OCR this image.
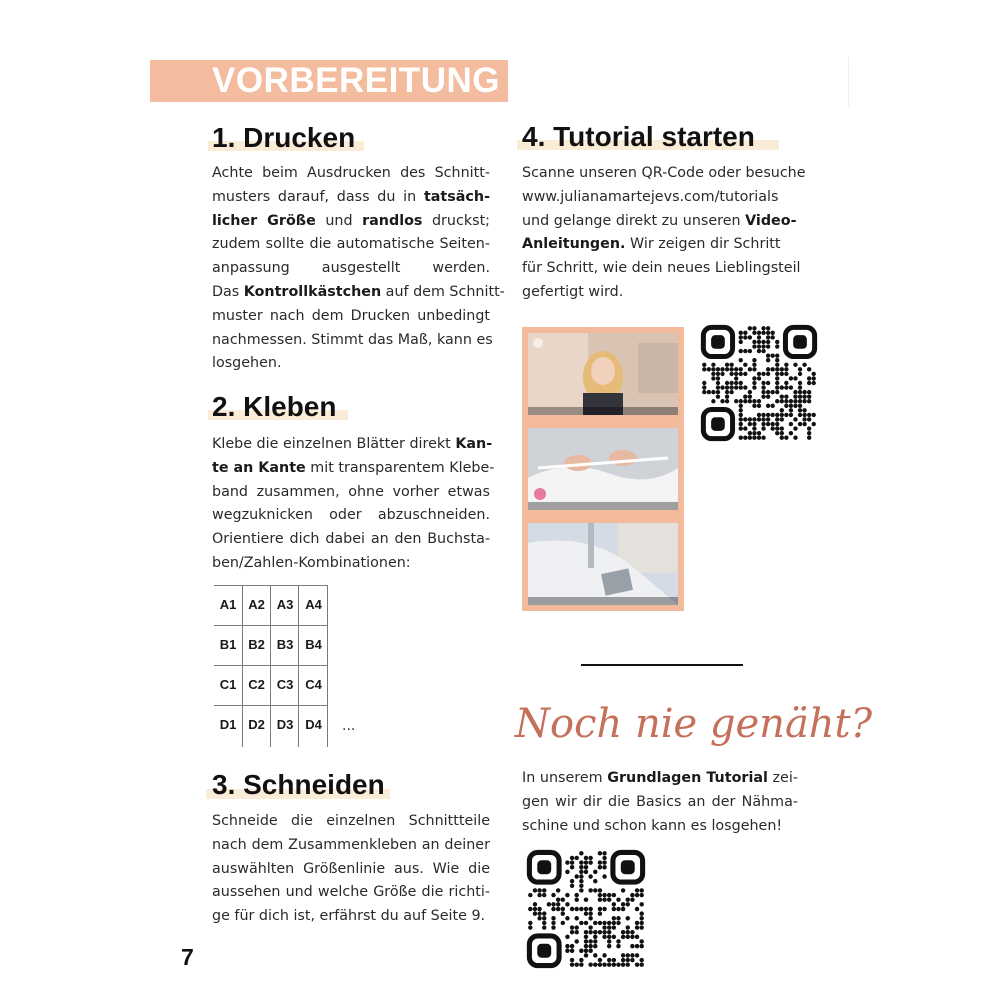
VORBEREITUNG
1. Drucken
Achte beim Ausdrucken des Schnitt-
musters darauf, dass du in tatsäch-
licher Größe und randlos druckst;
zudem sollte die automatische Seiten-
anpassung ausgestellt werden.
Das Kontrollkästchen auf dem Schnitt-
muster nach dem Drucken unbedingt
nachmessen. Stimmt das Maß, kann es
losgehen.
2. Kleben
Klebe die einzelnen Blätter direkt Kan-
te an Kante mit transparentem Klebe-
band zusammen, ohne vorher etwas
wegzuknicken oder abzuschneiden.
Orientiere dich dabei an den Buchsta-
ben/Zahlen-Kombinationen:
A1 A2 A3 A4
B1 B2 B3 B4
C1 C2 C3 C4
D1 D2 D3 D4	...
3. Schneiden
Schneide die einzelnen Schnittteile
nach dem Zusammenkleben an deiner
auswählten Größenlinie aus. Wie die
aussehen und welche Größe die richti-
ge für dich ist, erfährst du auf Seite 9.
4. Tutorial starten
Scanne unseren QR-Code oder besuche
www.julianamartejevs.com/tutorials
und gelange direkt zu unseren Video-
Anleitungen. Wir zeigen dir Schritt
für Schritt, wie dein neues Lieblingsteil
gefertigt wird.
Noch nie genäht?
In unserem Grundlagen Tutorial zei-
gen wir dir die Basics an der Nähma-
schine und schon kann es losgehen!
7
